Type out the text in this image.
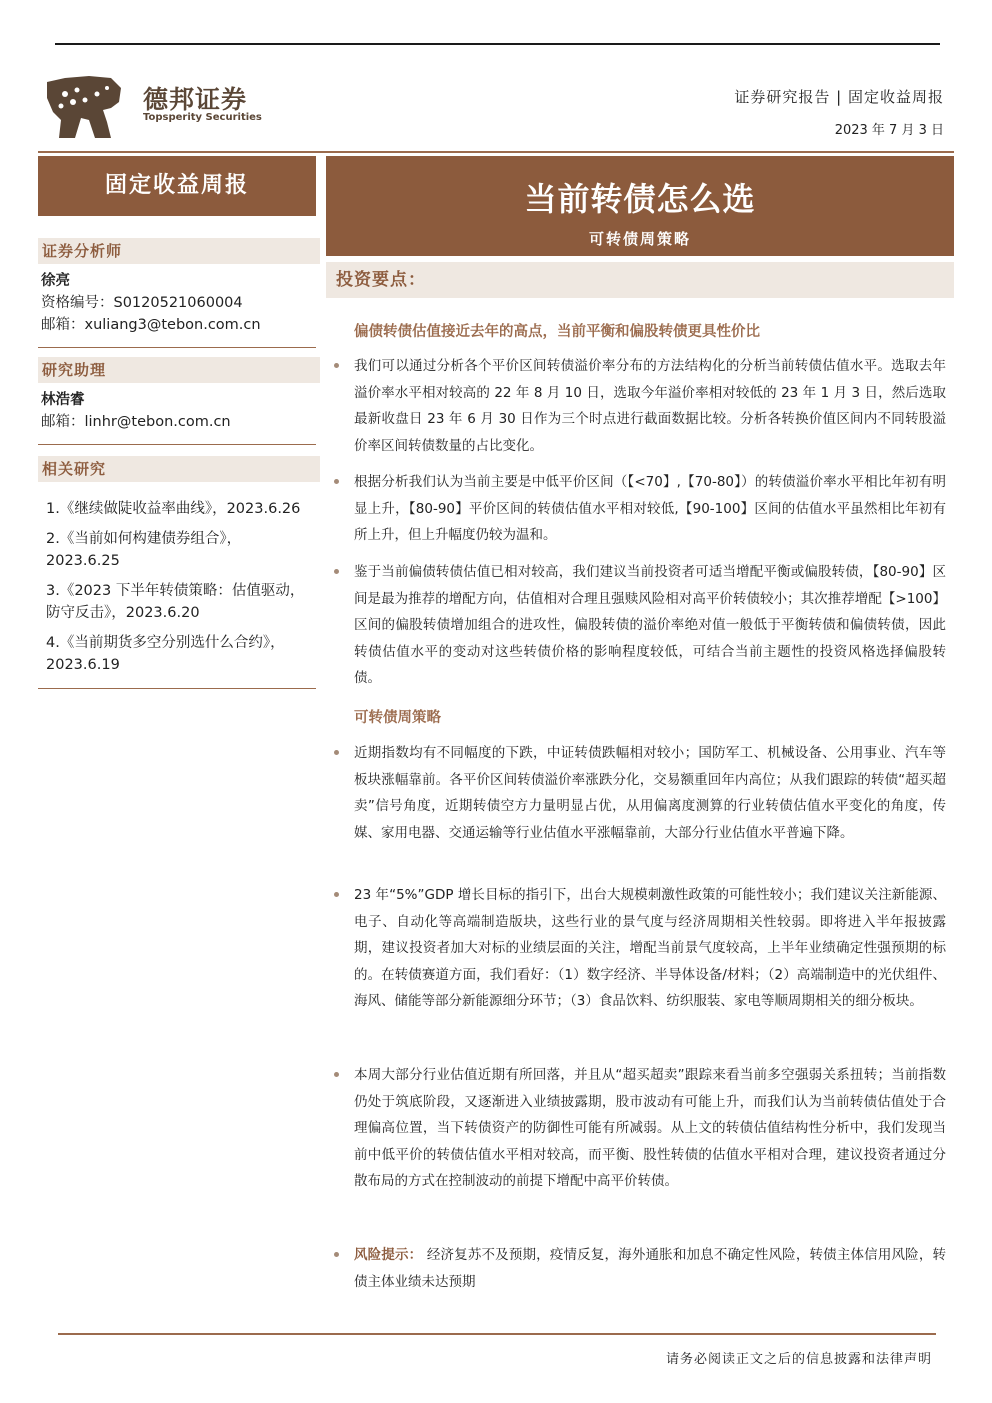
德邦证券
Topsperity Securities
证券研究报告 | 固定收益周报
2023 年 7 月 3 日
固定收益周报	当前转债怎么选
可转债周策略
证券分析师
徐亮
资格编号：S0120521060004
邮箱：xuliang3@tebon.com.cn
研究助理
林浩睿
邮箱：linhr@tebon.com.cn
相关研究
1.《继续做陡收益率曲线》，2023.6.26
2.《当前如何构建债券组合》，2023.6.25
3.《2023 下半年转债策略：估值驱动，防守反击》，2023.6.20
4.《当前期货多空分别选什么合约》，2023.6.19
投资要点：
偏债转债估值接近去年的高点，当前平衡和偏股转债更具性价比
我们可以通过分析各个平价区间转债溢价率分布的方法结构化的分析当前转债估值水平。选取去年溢价率水平相对较高的 22 年 8 月 10 日，选取今年溢价率相对较低的 23 年 1 月 3 日，然后选取最新收盘日 23 年 6 月 30 日作为三个时点进行截面数据比较。分析各转换价值区间内不同转股溢价率区间转债数量的占比变化。
根据分析我们认为当前主要是中低平价区间（【<70】,【70-80】）的转债溢价率水平相比年初有明显上升，【80-90】平价区间的转债估值水平相对较低,【90-100】区间的估值水平虽然相比年初有所上升，但上升幅度仍较为温和。
鉴于当前偏债转债估值已相对较高，我们建议当前投资者可适当增配平衡或偏股转债，【80-90】区间是最为推荐的增配方向，估值相对合理且强赎风险相对高平价转债较小；其次推荐增配【>100】区间的偏股转债增加组合的进攻性，偏股转债的溢价率绝对值一般低于平衡转债和偏债转债，因此转债估值水平的变动对这些转债价格的影响程度较低，可结合当前主题性的投资风格选择偏股转债。
可转债周策略
近期指数均有不同幅度的下跌，中证转债跌幅相对较小；国防军工、机械设备、公用事业、汽车等板块涨幅靠前。各平价区间转债溢价率涨跌分化，交易额重回年内高位；从我们跟踪的转债“超买超卖”信号角度，近期转债空方力量明显占优，从用偏离度测算的行业转债估值水平变化的角度，传媒、家用电器、交通运输等行业估值水平涨幅靠前，大部分行业估值水平普遍下降。
23 年“5%”GDP 增长目标的指引下，出台大规模刺激性政策的可能性较小；我们建议关注新能源、电子、自动化等高端制造版块，这些行业的景气度与经济周期相关性较弱。即将进入半年报披露期，建议投资者加大对标的业绩层面的关注，增配当前景气度较高，上半年业绩确定性强预期的标的。在转债赛道方面，我们看好：（1）数字经济、半导体设备/材料；（2）高端制造中的光伏组件、海风、储能等部分新能源细分环节；（3）食品饮料、纺织服装、家电等顺周期相关的细分板块。
本周大部分行业估值近期有所回落，并且从“超买超卖”跟踪来看当前多空强弱关系扭转；当前指数仍处于筑底阶段，又逐渐进入业绩披露期，股市波动有可能上升，而我们认为当前转债估值处于合理偏高位置，当下转债资产的防御性可能有所减弱。从上文的转债估值结构性分析中，我们发现当前中低平价的转债估值水平相对较高，而平衡、股性转债的估值水平相对合理，建议投资者通过分散布局的方式在控制波动的前提下增配中高平价转债。
风险提示： 经济复苏不及预期，疫情反复，海外通胀和加息不确定性风险，转债主体信用风险，转债主体业绩未达预期
请务必阅读正文之后的信息披露和法律声明
